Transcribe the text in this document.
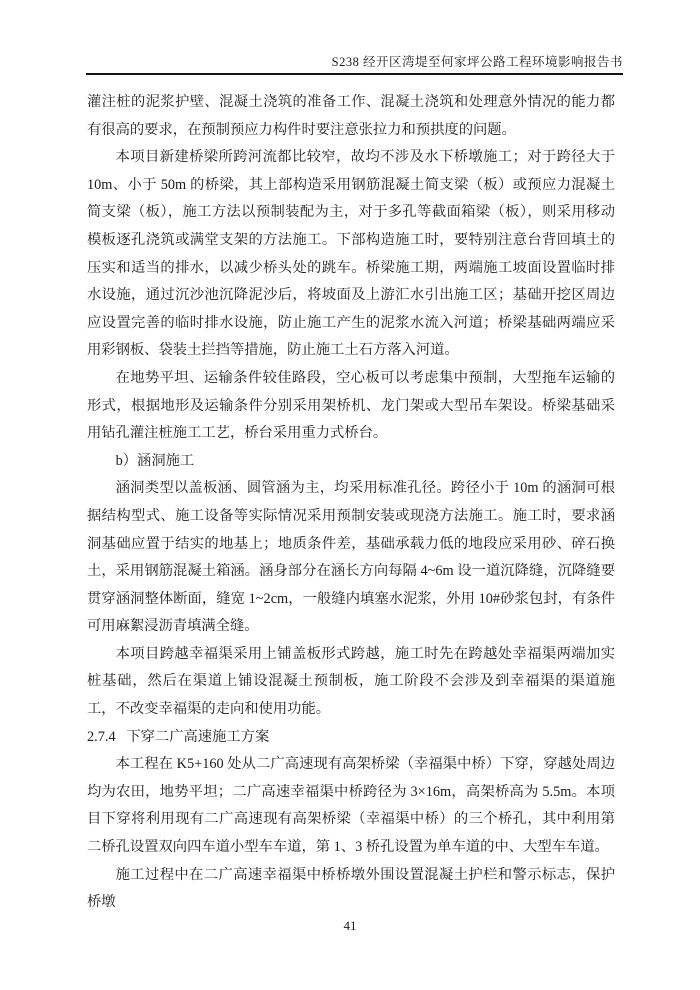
S238 经开区湾堤至何家坪公路工程环境影响报告书

灌注桩的泥浆护壁、混凝土浇筑的准备工作、混凝土浇筑和处理意外情况的能力都有很高的要求，在预制预应力构件时要注意张拉力和预拱度的问题。

本项目新建桥梁所跨河流都比较窄，故均不涉及水下桥墩施工；对于跨径大于 10m、小于 50m 的桥梁，其上部构造采用钢筋混凝土简支梁（板）或预应力混凝土简支梁（板），施工方法以预制装配为主，对于多孔等截面箱梁（板），则采用移动模板逐孔浇筑或满堂支架的方法施工。下部构造施工时，要特别注意台背回填土的压实和适当的排水，以减少桥头处的跳车。桥梁施工期，两端施工坡面设置临时排水设施，通过沉沙池沉降泥沙后，将坡面及上游汇水引出施工区；基础开挖区周边应设置完善的临时排水设施，防止施工产生的泥浆水流入河道；桥梁基础两端应采用彩钢板、袋装土拦挡等措施，防止施工土石方落入河道。

在地势平坦、运输条件较佳路段，空心板可以考虑集中预制，大型拖车运输的形式，根据地形及运输条件分别采用架桥机、龙门架或大型吊车架设。桥梁基础采用钻孔灌注桩施工工艺，桥台采用重力式桥台。

b）涵洞施工

涵洞类型以盖板涵、圆管涵为主，均采用标准孔径。跨径小于 10m 的涵洞可根据结构型式、施工设备等实际情况采用预制安装或现浇方法施工。施工时，要求涵洞基础应置于结实的地基上；地质条件差，基础承载力低的地段应采用砂、碎石换土，采用钢筋混凝土箱涵。涵身部分在涵长方向每隔 4~6m 设一道沉降缝，沉降缝要贯穿涵洞整体断面，缝宽 1~2cm，一般缝内填塞水泥浆，外用 10#砂浆包封，有条件可用麻絮浸沥青填满全缝。

本项目跨越幸福渠采用上铺盖板形式跨越，施工时先在跨越处幸福渠两端加实桩基础，然后在渠道上铺设混凝土预制板，施工阶段不会涉及到幸福渠的渠道施工，不改变幸福渠的走向和使用功能。

2.7.4 下穿二广高速施工方案

本工程在 K5+160 处从二广高速现有高架桥梁（幸福渠中桥）下穿，穿越处周边均为农田，地势平坦；二广高速幸福渠中桥跨径为 3×16m，高架桥高为 5.5m。本项目下穿将利用现有二广高速现有高架桥梁（幸福渠中桥）的三个桥孔，其中利用第二桥孔设置双向四车道小型车车道，第 1、3 桥孔设置为单车道的中、大型车车道。

施工过程中在二广高速幸福渠中桥桥墩外围设置混凝土护栏和警示标志，保护桥墩

41
